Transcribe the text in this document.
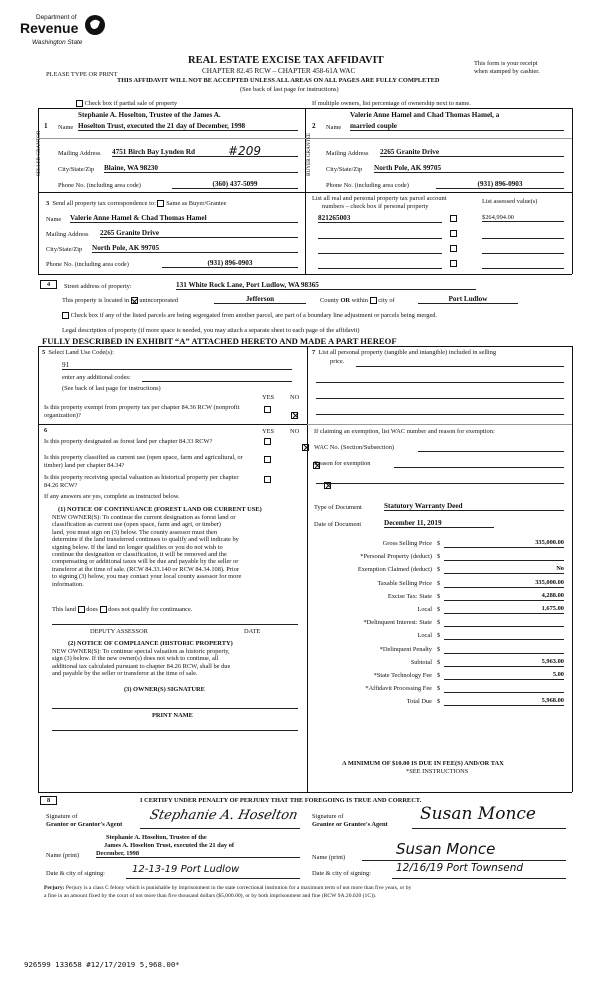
Department of
Revenue
Washington State
REAL ESTATE EXCISE TAX AFFIDAVIT
CHAPTER 82.45 RCW – CHAPTER 458-61A WAC
THIS AFFIDAVIT WILL NOT BE ACCEPTED UNLESS ALL AREAS ON ALL PAGES ARE FULLY COMPLETED
(See back of last page for instructions)
PLEASE TYPE OR PRINT
This form is your receipt
when stamped by cashier.
Check box if partial sale of property	If multiple owners, list percentage of ownership next to name.
1 Name
Stephanie A. Hoselton, Trustee of the James A.
Hoselton Trust, executed the 21 day of December, 1998	2 Name
Valerie Anne Hamel and Chad Thomas Hamel, a
married couple
SELLER GRANTOR	BUYER GRANTEE
Mailing Address 4751 Birch Bay Lynden Rd	#209
City/State/Zip Blaine, WA 98230
Phone No. (including area code)	(360) 437-5099
Mailing Address 2265 Granite Drive
City/State/Zip North Pole, AK 99705
Phone No. (including area code)	(931) 896-0903
3 Send all property tax correspondence to: Same as Buyer/Grantee
List all real and personal property tax parcel account
numbers – check box if personal property
List assessed value(s)
Name Valerie Anne Hamel & Chad Thomas Hamel
Mailing Address 2265 Granite Drive
City/State/Zip North Pole, AK 99705
Phone No. (including area code)	(931) 896-0903
821265003	$264,994.00
4	Street address of property:	131 White Rock Lane, Port Ludlow, WA 98365
This property is located in unincorporated	Jefferson	County OR within city of	Port Ludlow
Check box if any of the listed parcels are being segregated from another parcel, are part of a boundary line adjustment or parcels being merged.
Legal description of property (if more space is needed, you may attach a separate sheet to each page of the affidavit)
FULLY DESCRIBED IN EXHIBIT “A” ATTACHED HERETO AND MADE A PART HEREOF
5 Select Land Use Code(s):
91
enter any additional codes:
(See back of last page for instructions)
YES NO
Is this property exempt from property tax per chapter 84.36 RCW (nonprofit organization)?

6	YES NO
Is this property designated as forest land per chapter 84.33 RCW?

Is this property classified as current use (open space, farm and agricultural, or timber) land per chapter 84.34?

Is this property receiving special valuation as historical property per chapter 84.26 RCW?
If any answers are yes, complete as instructed below.
(1) NOTICE OF CONTINUANCE (FOREST LAND OR CURRENT USE)
NEW OWNER(S): To continue the current designation as forest land or
classification as current use (open space, farm and agri, or timber)
land, you must sign on (3) below. The county assessor must then
determine if the land transferred continues to qualify and will indicate by
signing below. If the land no longer qualifies or you do not wish to
continue the designation or classification, it will be removed and the
compensating or additional taxes will be due and payable by the seller or
transferor at the time of sale. (RCW 84.33.140 or RCW 84.34.108). Prior
to signing (3) below, you may contact your local county assessor for more
information.
This land does does not qualify for continuance.
DEPUTY ASSESSOR	DATE
(2) NOTICE OF COMPLIANCE (HISTORIC PROPERTY)
NEW OWNER(S): To continue special valuation as historic property,
sign (3) below. If the new owner(s) does not wish to continue, all
additional tax calculated pursuant to chapter 84.26 RCW, shall be due
and payable by the seller or transferor at the time of sale.
(3) OWNER(S) SIGNATURE
PRINT NAME
7 List all personal property (tangible and intangible) included in selling
price.
If claiming an exemption, list WAC number and reason for exemption:
WAC No. (Section/Subsection)
Reason for exemption
Type of Document	Statutory Warranty Deed
Date of Document	December 11, 2019
Gross Selling Price $	335,000.00
*Personal Property (deduct) $
Exemption Claimed (deduct) $	No
Taxable Selling Price $	335,000.00
Excise Tax: State $	4,288.00
Local $	1,675.00
*Delinquent Interest: State $
Local $
*Delinquent Penalty $
Subtotal $	5,963.00
*State Technology Fee $	5.00
*Affidavit Processing Fee $
Total Due $	5,968.00
A MINIMUM OF $10.00 IS DUE IN FEE(S) AND/OR TAX
*SEE INSTRUCTIONS
8	I CERTIFY UNDER PENALTY OF PERJURY THAT THE FOREGOING IS TRUE AND CORRECT.
Signature of
Grantor or Grantor's Agent
Stephanie A. Hoselton Signature of
Grantee or Grantee's Agent
Susan Monce
Stephanie A. Hoselton, Trustee of the
James A. Hoselton Trust, executed the 21 day of
Name (print)	December, 1998
Name (print)	Susan Monce
Date & city of signing:	12-13-19 Port Ludlow	Date & city of signing: 12/16/19 Port Townsend
Perjury: Perjury is a class C felony which is punishable by imprisonment in the state correctional institution for a maximum term of not more than five years, or by
a fine in an amount fixed by the court of not more than five thousand dollars ($5,000.00), or by both imprisonment and fine (RCW 9A.20.020 (1C)).
926599 133658 #12/17/2019 5,968.00*
